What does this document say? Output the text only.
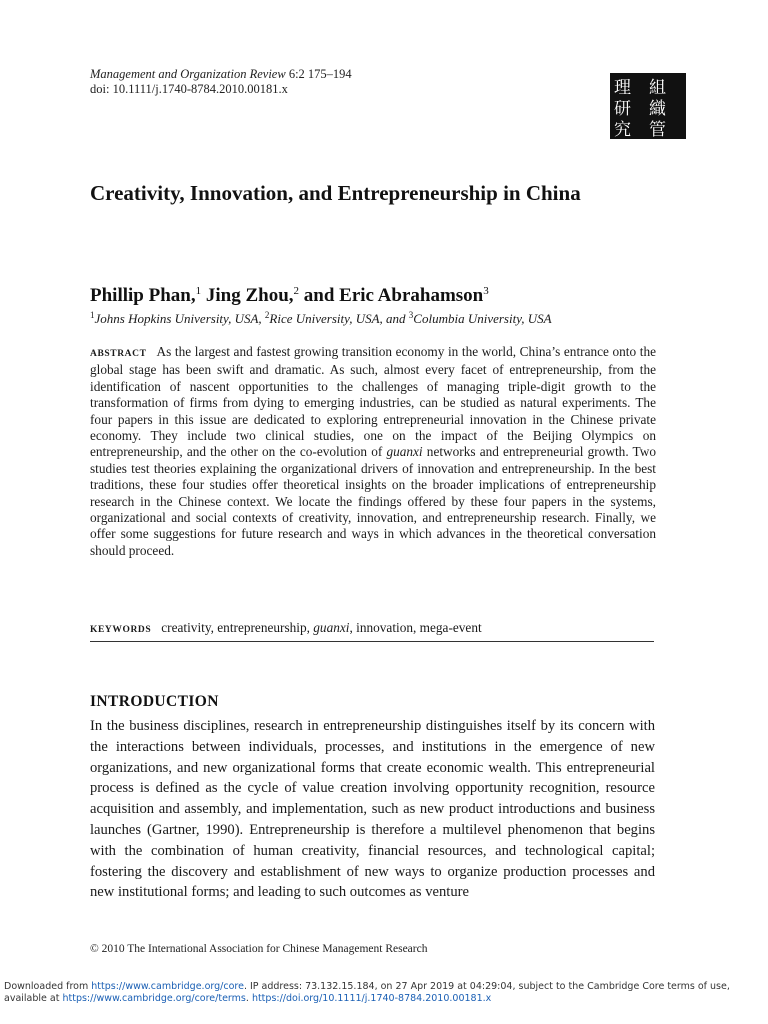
Management and Organization Review 6:2 175–194
doi: 10.1111/j.1740-8784.2010.00181.x	理 組
研 織
究 管
Creativity, Innovation, and Entrepreneurship in China
Phillip Phan,$^1$ Jing Zhou,$^2$ and Eric Abrahamson$^3$
$^1$Johns Hopkins University, USA, $^2$Rice University, USA, and $^3$Columbia University, USA
ABSTRACT As the largest and fastest growing transition economy in the world, China’s entrance onto the global stage has been swift and dramatic. As such, almost every facet of entrepreneurship, from the identification of nascent opportunities to the challenges of managing triple-digit growth to the transformation of firms from dying to emerging industries, can be studied as natural experiments. The four papers in this issue are dedicated to exploring entrepreneurial innovation in the Chinese private economy. They include two clinical studies, one on the impact of the Beijing Olympics on entrepreneurship, and the other on the co-evolution of guanxi networks and entrepreneurial growth. Two studies test theories explaining the organizational drivers of innovation and entrepreneurship. In the best traditions, these four studies offer theoretical insights on the broader implications of entrepreneurship research in the Chinese context. We locate the findings offered by these four papers in the systems, organizational and social contexts of creativity, innovation, and entrepreneurship research. Finally, we offer some suggestions for future research and ways in which advances in the theoretical conversation should proceed.
KEYWORDS creativity, entrepreneurship, guanxi, innovation, mega-event
INTRODUCTION

In the business disciplines, research in entrepreneurship distinguishes itself by its concern with the interactions between individuals, processes, and institutions in the emergence of new organizations, and new organizational forms that create economic wealth. This entrepreneurial process is defined as the cycle of value creation involving opportunity recognition, resource acquisition and assembly, and implementation, such as new product introductions and business launches (Gartner, 1990). Entrepreneurship is therefore a multilevel phenomenon that begins with the combination of human creativity, financial resources, and technological capital; fostering the discovery and establishment of new ways to organize production processes and new institutional forms; and leading to such outcomes as venture

© 2010 The International Association for Chinese Management Research
Downloaded from https://www.cambridge.org/core. IP address: 73.132.15.184, on 27 Apr 2019 at 04:29:04, subject to the Cambridge Core terms of use, available at https://www.cambridge.org/core/terms. https://doi.org/10.1111/j.1740-8784.2010.00181.x
